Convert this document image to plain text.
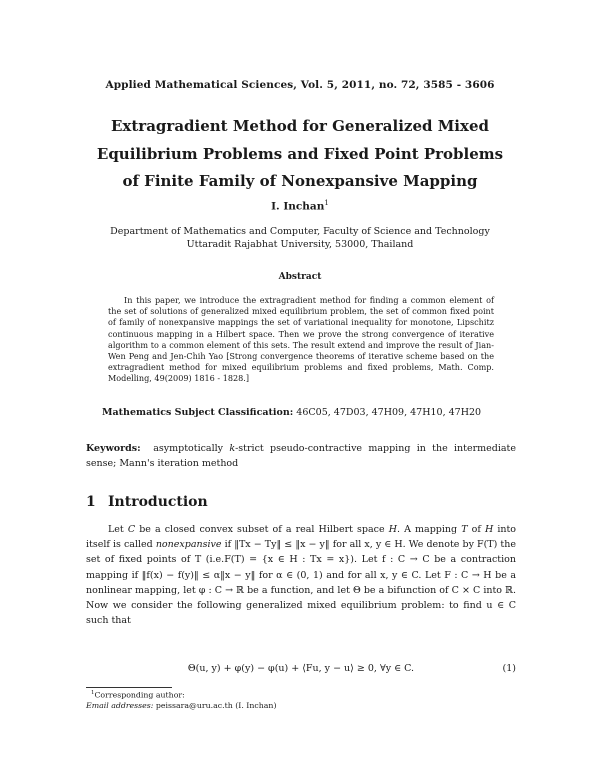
Applied Mathematical Sciences, Vol. 5, 2011, no. 72, 3585 - 3606
Extragradient Method for Generalized Mixed
Equilibrium Problems and Fixed Point Problems
of Finite Family of Nonexpansive Mapping
I. Inchan$^1$
Department of Mathematics and Computer, Faculty of Science and Technology
Uttaradit Rajabhat University, 53000, Thailand
Abstract

In this paper, we introduce the extragradient method for finding a common element of the set of solutions of generalized mixed equilibrium problem, the set of common fixed point of family of nonexpansive mappings the set of variational inequality for monotone, Lipschitz continuous mapping in a Hilbert space. Then we prove the strong convergence of iterative algorithm to a common element of this sets. The result extend and improve the result of Jian-Wen Peng and Jen-Chih Yao [Strong convergence theorems of iterative scheme based on the extragradient method for mixed equilibrium problems and fixed problems, Math. Comp. Modelling, 49(2009) 1816 - 1828.]

Mathematics Subject Classification: 46C05, 47D03, 47H09, 47H10, 47H20
Keywords: asymptotically k-strict pseudo-contractive mapping in the intermediate sense; Mann's iteration method
1 Introduction

Let C be a closed convex subset of a real Hilbert space H. A mapping T of H into itself is called nonexpansive if ‖Tx − Ty‖ ≤ ‖x − y‖ for all x, y ∈ H. We denote by F(T) the set of fixed points of T (i.e.F(T) = {x ∈ H : Tx = x}). Let f : C → C be a contraction mapping if ‖f(x) − f(y)‖ ≤ α‖x − y‖ for α ∈ (0, 1) and for all x, y ∈ C. Let F : C → H be a nonlinear mapping, let φ : C → ℝ be a function, and let Θ be a bifunction of C × C into ℝ. Now we consider the following generalized mixed equilibrium problem: to find u ∈ C such that

Θ(u, y) + φ(y) − φ(u) + ⟨Fu, y − u⟩ ≥ 0, ∀y ∈ C.	(1)
$^1$Corresponding author:
Email addresses: peissara@uru.ac.th (I. Inchan)
